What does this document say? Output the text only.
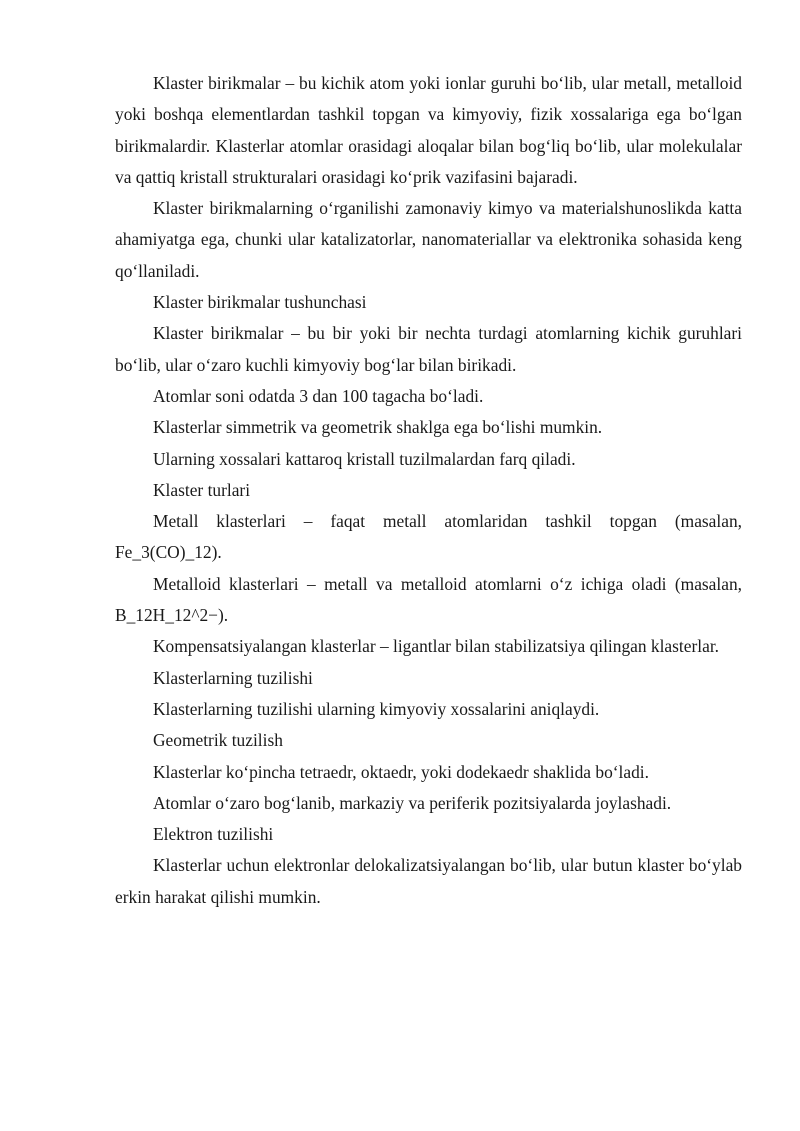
Klaster birikmalar – bu kichik atom yoki ionlar guruhi bo‘lib, ular metall, metalloid yoki boshqa elementlardan tashkil topgan va kimyoviy, fizik xossalariga ega bo‘lgan birikmalardir. Klasterlar atomlar orasidagi aloqalar bilan bog‘liq bo‘lib, ular molekulalar va qattiq kristall strukturalari orasidagi ko‘prik vazifasini bajaradi.

Klaster birikmalarning o‘rganilishi zamonaviy kimyo va materialshunoslikda katta ahamiyatga ega, chunki ular katalizatorlar, nanomateriallar va elektronika sohasida keng qo‘llaniladi.

Klaster birikmalar tushunchasi

Klaster birikmalar – bu bir yoki bir nechta turdagi atomlarning kichik guruhlari bo‘lib, ular o‘zaro kuchli kimyoviy bog‘lar bilan birikadi.

Atomlar soni odatda 3 dan 100 tagacha bo‘ladi.

Klasterlar simmetrik va geometrik shaklga ega bo‘lishi mumkin.

Ularning xossalari kattaroq kristall tuzilmalardan farq qiladi.

Klaster turlari

Metall klasterlari – faqat metall atomlaridan tashkil topgan (masalan, Fe_3(CO)_12).

Metalloid klasterlari – metall va metalloid atomlarni o‘z ichiga oladi (masalan, B_12H_12^2−).

Kompensatsiyalangan klasterlar – ligantlar bilan stabilizatsiya qilingan klasterlar.

Klasterlarning tuzilishi

Klasterlarning tuzilishi ularning kimyoviy xossalarini aniqlaydi.

Geometrik tuzilish

Klasterlar ko‘pincha tetraedr, oktaedr, yoki dodekaedr shaklida bo‘ladi.

Atomlar o‘zaro bog‘lanib, markaziy va periferik pozitsiyalarda joylashadi.

Elektron tuzilishi

Klasterlar uchun elektronlar delokalizatsiyalangan bo‘lib, ular butun klaster bo‘ylab erkin harakat qilishi mumkin.
